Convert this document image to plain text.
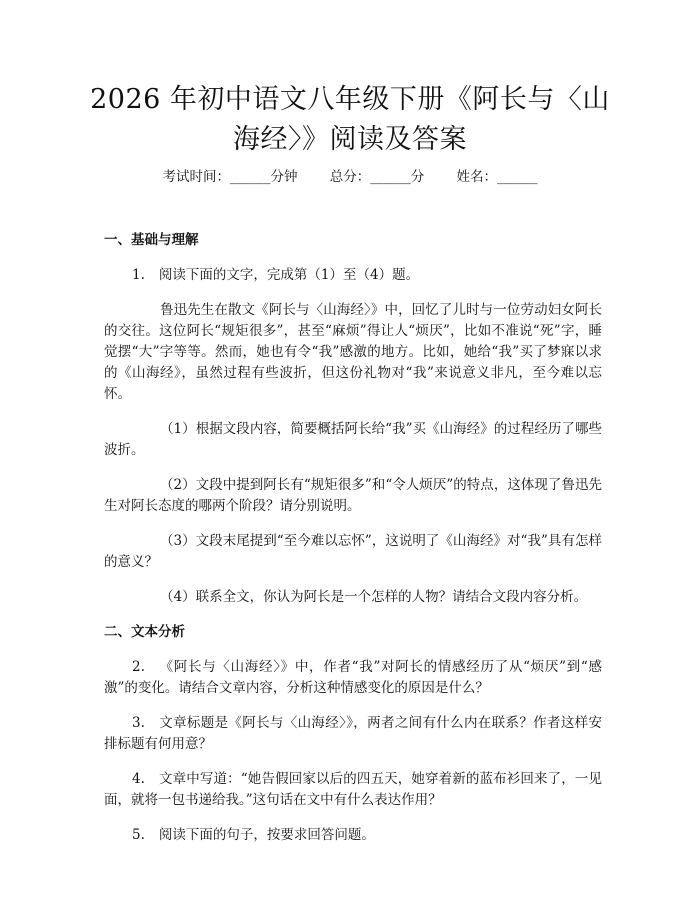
2026 年初中语文八年级下册《阿长与〈山海经〉》阅读及答案
考试时间：______分钟 总分：______分 姓名：______
一、基础与理解

1. 阅读下面的文字，完成第（1）至（4）题。

鲁迅先生在散文《阿长与〈山海经〉》中，回忆了儿时与一位劳动妇女阿长的交往。这位阿长“规矩很多”，甚至“麻烦”得让人“烦厌”，比如不准说“死”字，睡觉摆“大”字等等。然而，她也有令“我”感激的地方。比如，她给“我”买了梦寐以求的《山海经》，虽然过程有些波折，但这份礼物对“我”来说意义非凡，至今难以忘怀。

（1）根据文段内容，简要概括阿长给“我”买《山海经》的过程经历了哪些波折。

（2）文段中提到阿长有“规矩很多”和“令人烦厌”的特点，这体现了鲁迅先生对阿长态度的哪两个阶段？请分别说明。

（3）文段末尾提到“至今难以忘怀”，这说明了《山海经》对“我”具有怎样的意义？

（4）联系全文，你认为阿长是一个怎样的人物？请结合文段内容分析。

二、文本分析

2. 《阿长与〈山海经〉》中，作者“我”对阿长的情感经历了从“烦厌”到“感激”的变化。请结合文章内容，分析这种情感变化的原因是什么？

3. 文章标题是《阿长与〈山海经〉》，两者之间有什么内在联系？作者这样安排标题有何用意？

4. 文章中写道：“她告假回家以后的四五天，她穿着新的蓝布衫回来了，一见面，就将一包书递给我。”这句话在文中有什么表达作用？

5. 阅读下面的句子，按要求回答问题。
